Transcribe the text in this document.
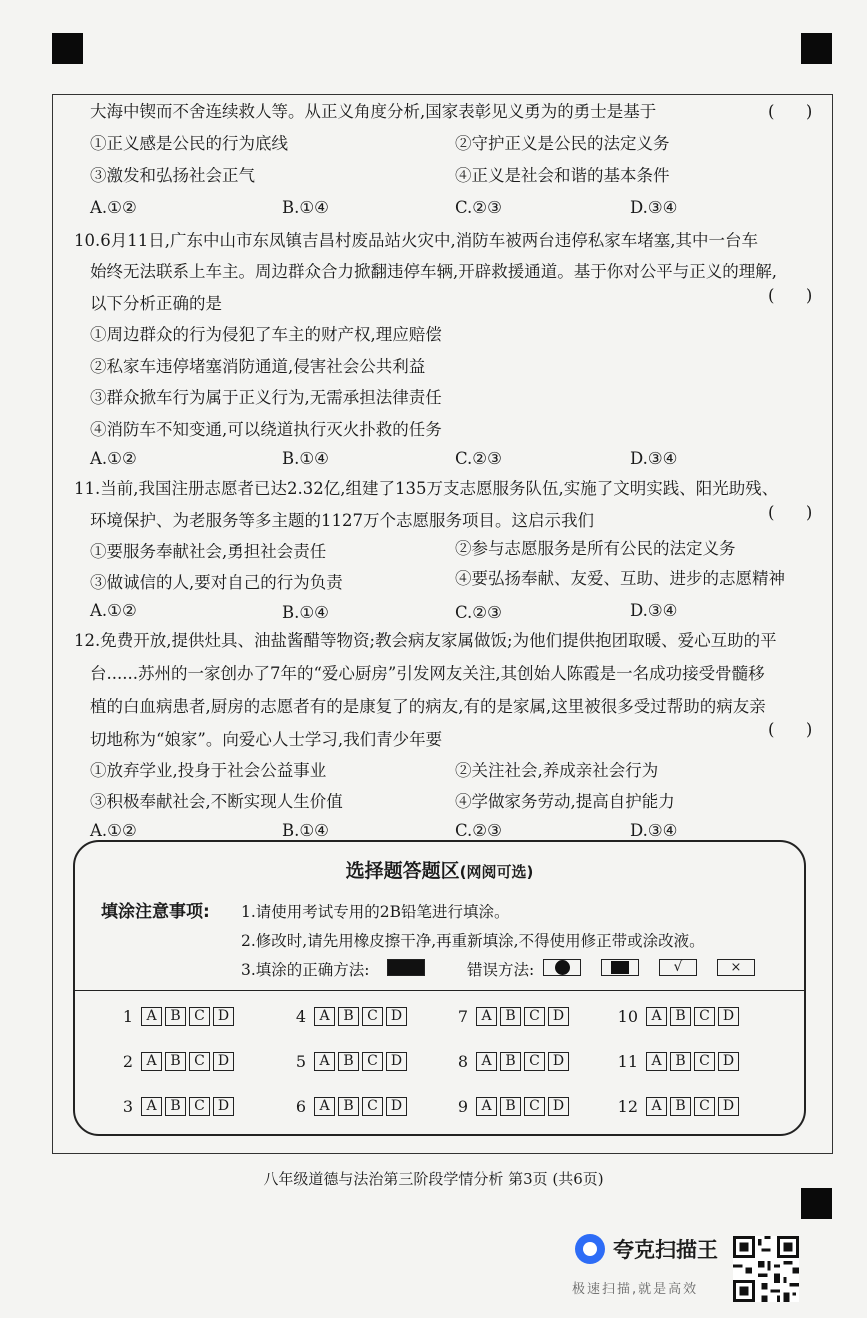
大海中锲而不舍连续救人等。从正义角度分析,国家表彰见义勇为的勇士是基于	(      )
①正义感是公民的行为底线	②守护正义是公民的法定义务
③激发和弘扬社会正气	④正义是社会和谐的基本条件
A.①②	B.①④	C.②③	D.③④
10.6月11日,广东中山市东凤镇吉昌村废品站火灾中,消防车被两台违停私家车堵塞,其中一台车
始终无法联系上车主。周边群众合力掀翻违停车辆,开辟救援通道。基于你对公平与正义的理解,
以下分析正确的是	(      )
①周边群众的行为侵犯了车主的财产权,理应赔偿
②私家车违停堵塞消防通道,侵害社会公共利益
③群众掀车行为属于正义行为,无需承担法律责任
④消防车不知变通,可以绕道执行灭火扑救的任务
A.①②	B.①④	C.②③	D.③④
11.当前,我国注册志愿者已达2.32亿,组建了135万支志愿服务队伍,实施了文明实践、阳光助残、
环境保护、为老服务等多主题的1127万个志愿服务项目。这启示我们	(      )
①要服务奉献社会,勇担社会责任	②参与志愿服务是所有公民的法定义务
③做诚信的人,要对自己的行为负责	④要弘扬奉献、友爱、互助、进步的志愿精神
A.①②	B.①④	C.②③	D.③④
12.免费开放,提供灶具、油盐酱醋等物资;教会病友家属做饭;为他们提供抱团取暖、爱心互助的平
台......苏州的一家创办了7年的“爱心厨房”引发网友关注,其创始人陈霞是一名成功接受骨髓移
植的白血病患者,厨房的志愿者有的是康复了的病友,有的是家属,这里被很多受过帮助的病友亲
切地称为“娘家”。向爱心人士学习,我们青少年要
(      )
①放弃学业,投身于社会公益事业	②关注社会,养成亲社会行为
③积极奉献社会,不断实现人生价值	④学做家务劳动,提高自护能力
A.①②	B.①④	C.②③	D.③④
选择题答题区(网阅可选)
填涂注意事项: 1.请使用考试专用的2B铅笔进行填涂。
2.修改时,请先用橡皮擦干净,再重新填涂,不得使用修正带或涂改液。
3.填涂的正确方法:	错误方法:	√	×
1 A B C D	4 A B C D	7 A B C D	10 A B C D
2 A B C D	5 A B C D	8 A B C D	11 A B C D
3 A B C D	6 A B C D	9 A B C D	12 A B C D
八年级道德与法治第三阶段学情分析 第3页 (共6页)
夸克扫描王
极速扫描,就是高效
